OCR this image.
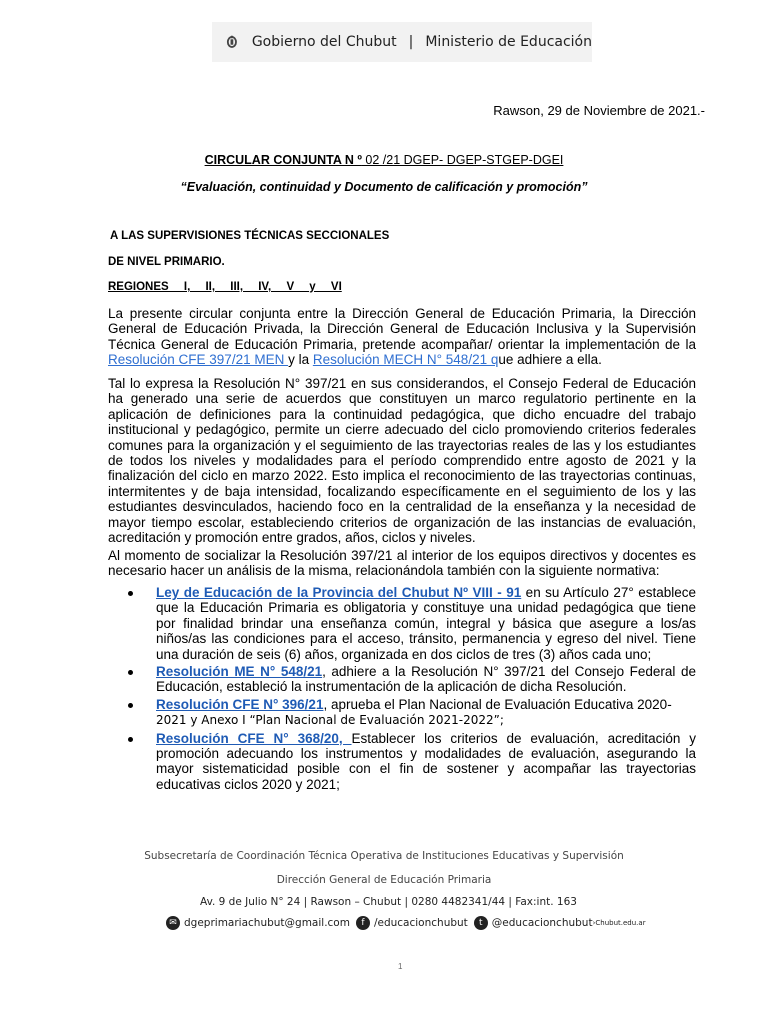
Gobierno del Chubut | Ministerio de Educación
Rawson, 29 de Noviembre de 2021.-
CIRCULAR CONJUNTA N º 02 /21 DGEP- DGEP-STGEP-DGEI
“Evaluación, continuidad y Documento de calificación y promoción”
A LAS SUPERVISIONES TÉCNICAS SECCIONALES
DE NIVEL PRIMARIO.
REGIONES I, II, III, IV, V y VI
La presente circular conjunta entre la Dirección General de Educación Primaria, la Dirección General de Educación Privada, la Dirección General de Educación Inclusiva y la Supervisión Técnica General de Educación Primaria, pretende acompañar/ orientar la implementación de la Resolución CFE 397/21 MEN y la Resolución MECH N° 548/21 que adhiere a ella.
Tal lo expresa la Resolución N° 397/21 en sus considerandos, el Consejo Federal de Educación ha generado una serie de acuerdos que constituyen un marco regulatorio pertinente en la aplicación de definiciones para la continuidad pedagógica, que dicho encuadre del trabajo institucional y pedagógico, permite un cierre adecuado del ciclo promoviendo criterios federales comunes para la organización y el seguimiento de las trayectorias reales de las y los estudiantes de todos los niveles y modalidades para el período comprendido entre agosto de 2021 y la finalización del ciclo en marzo 2022. Esto implica el reconocimiento de las trayectorias continuas, intermitentes y de baja intensidad, focalizando específicamente en el seguimiento de los y las estudiantes desvinculados, haciendo foco en la centralidad de la enseñanza y la necesidad de mayor tiempo escolar, estableciendo criterios de organización de las instancias de evaluación, acreditación y promoción entre grados, años, ciclos y niveles.
Al momento de socializar la Resolución 397/21 al interior de los equipos directivos y docentes es necesario hacer un análisis de la misma, relacionándola también con la siguiente normativa:
Ley de Educación de la Provincia del Chubut Nº VIII - 91 en su Artículo 27° establece que la Educación Primaria es obligatoria y constituye una unidad pedagógica que tiene por finalidad brindar una enseñanza común, integral y básica que asegure a los/as niños/as las condiciones para el acceso, tránsito, permanencia y egreso del nivel. Tiene una duración de seis (6) años, organizada en dos ciclos de tres (3) años cada uno;
Resolución ME N° 548/21, adhiere a la Resolución N° 397/21 del Consejo Federal de Educación, estableció la instrumentación de la aplicación de dicha Resolución.
Resolución CFE N° 396/21, aprueba el Plan Nacional de Evaluación Educativa 2020-
2021 y Anexo I “Plan Nacional de Evaluación 2021-2022”;
Resolución CFE N° 368/20, Establecer los criterios de evaluación, acreditación y promoción adecuando los instrumentos y modalidades de evaluación, asegurando la mayor sistematicidad posible con el fin de sostener y acompañar las trayectorias educativas ciclos 2020 y 2021;
Subsecretaría de Coordinación Técnica Operativa de Instituciones Educativas y Supervisión
Dirección General de Educación Primaria
Av. 9 de Julio N° 24 | Rawson – Chubut | 0280 4482341/44 | Fax:int. 163
✉ dgeprimariachubut@gmail.com	f /educacionchubut	t @educacionchubut ›Chubut.edu.ar
1
